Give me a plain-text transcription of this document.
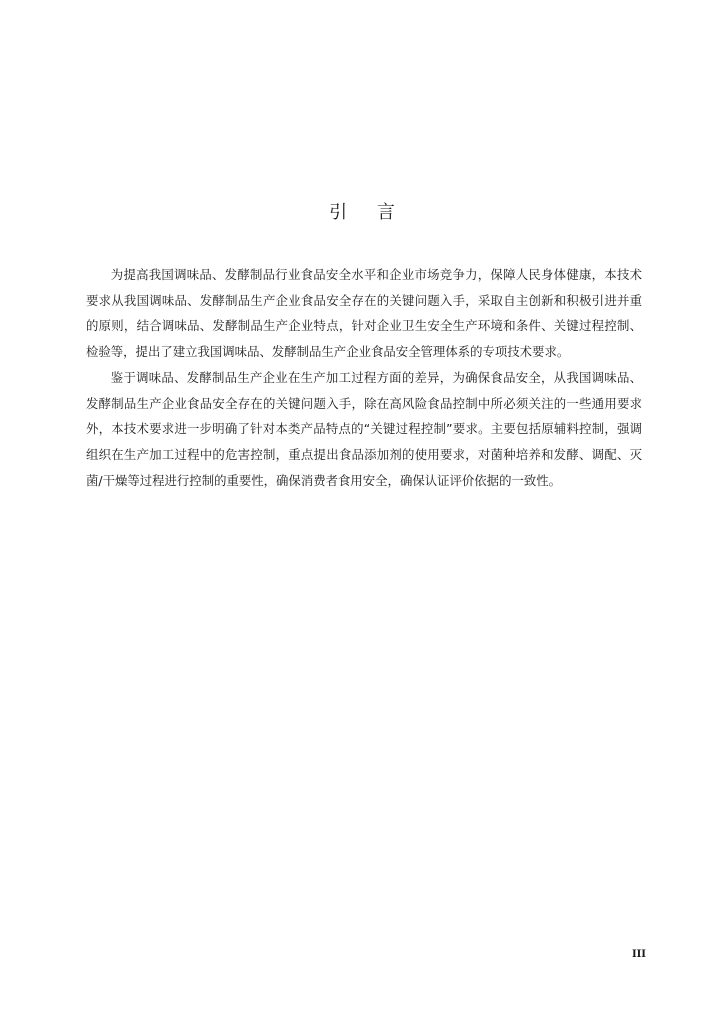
引 言

为提高我国调味品、发酵制品行业食品安全水平和企业市场竞争力，保障人民身体健康，本技术要求从我国调味品、发酵制品生产企业食品安全存在的关键问题入手，采取自主创新和积极引进并重的原则，结合调味品、发酵制品生产企业特点，针对企业卫生安全生产环境和条件、关键过程控制、检验等，提出了建立我国调味品、发酵制品生产企业食品安全管理体系的专项技术要求。

鉴于调味品、发酵制品生产企业在生产加工过程方面的差异，为确保食品安全，从我国调味品、发酵制品生产企业食品安全存在的关键问题入手，除在高风险食品控制中所必须关注的一些通用要求外，本技术要求进一步明确了针对本类产品特点的“关键过程控制”要求。主要包括原辅料控制，强调组织在生产加工过程中的危害控制，重点提出食品添加剂的使用要求，对菌种培养和发酵、调配、灭菌/干燥等过程进行控制的重要性，确保消费者食用安全，确保认证评价依据的一致性。

III
